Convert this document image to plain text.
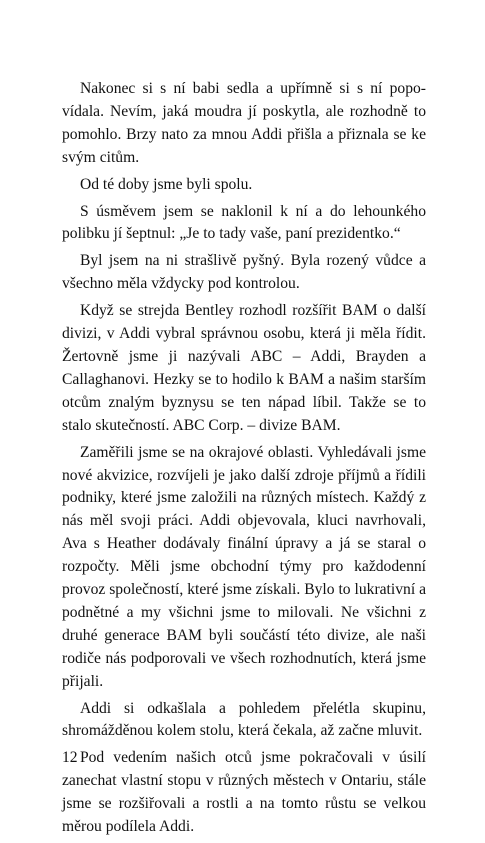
Nakonec si s ní babi sedla a upřímně si s ní popovídala. Nevím, jaká moudra jí poskytla, ale rozhodně to pomohlo. Brzy nato za mnou Addi přišla a přiznala se ke svým citům.

Od té doby jsme byli spolu.

S úsměvem jsem se naklonil k ní a do lehounkého polibku jí šeptnul: „Je to tady vaše, paní prezidentko.“

Byl jsem na ni strašlivě pyšný. Byla rozený vůdce a všechno měla vždycky pod kontrolou.

Když se strejda Bentley rozhodl rozšířit BAM o další divizi, v Addi vybral správnou osobu, která ji měla řídit. Žertovně jsme ji nazývali ABC – Addi, Brayden a Callaghanovi. Hezky se to hodilo k BAM a našim starším otcům znalým byznysu se ten nápad líbil. Takže se to stalo skutečností. ABC Corp. – divize BAM.

Zaměřili jsme se na okrajové oblasti. Vyhledávali jsme nové akvizice, rozvíjeli je jako další zdroje příjmů a řídili podniky, které jsme založili na různých místech. Každý z nás měl svoji práci. Addi objevovala, kluci navrhovali, Ava s Heather dodávaly finální úpravy a já se staral o rozpočty. Měli jsme obchodní týmy pro každodenní provoz společností, které jsme získali. Bylo to lukrativní a podnětné a my všichni jsme to milovali. Ne všichni z druhé generace BAM byli součástí této divize, ale naši rodiče nás podporovali ve všech rozhodnutích, která jsme přijali.

Addi si odkašlala a pohledem přelétla skupinu, shromážděnou kolem stolu, která čekala, až začne mluvit.

Pod vedením našich otců jsme pokračovali v úsilí zanechat vlastní stopu v různých městech v Ontariu, stále jsme se rozšiřovali a rostli a na tomto růstu se velkou měrou podílela Addi.

12
